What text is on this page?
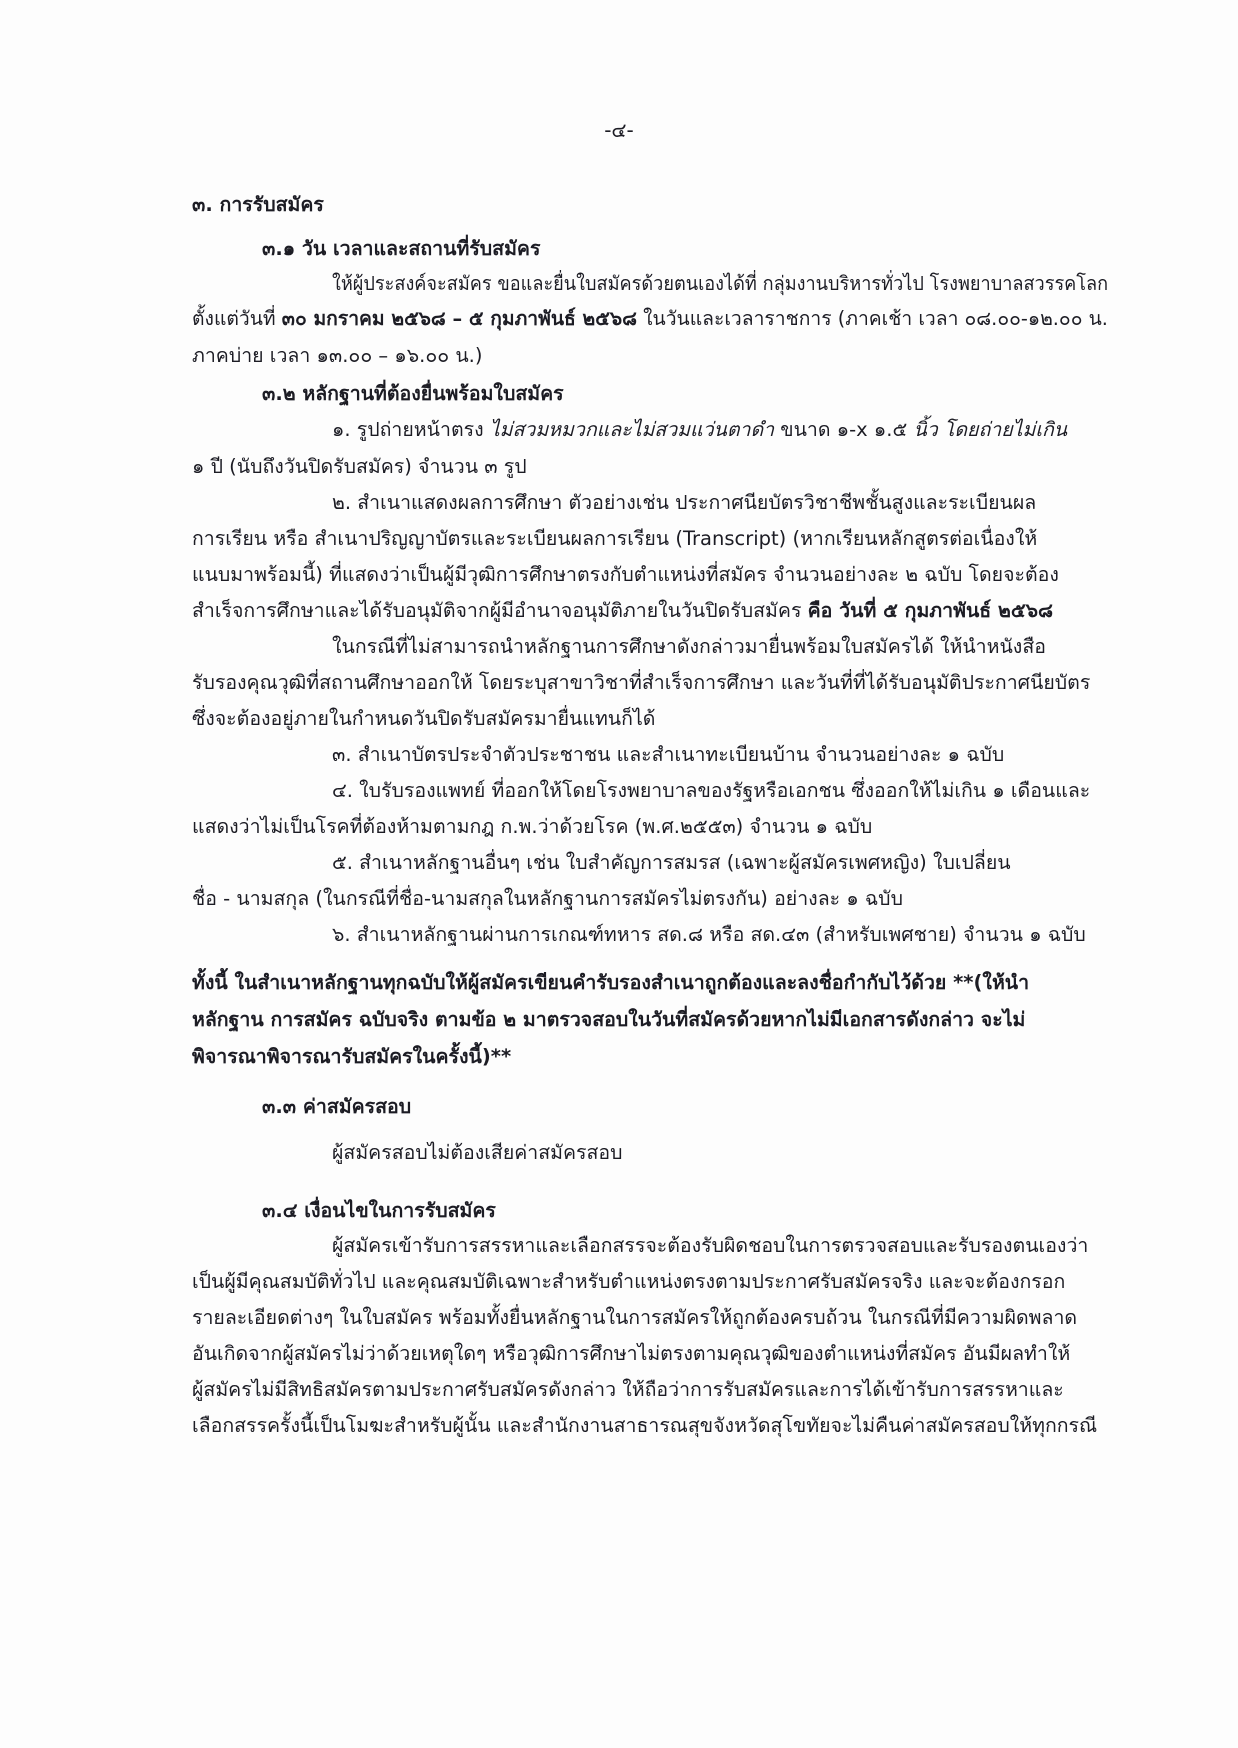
-๔-
๓. การรับสมัคร
๓.๑ วัน เวลาและสถานที่รับสมัคร
ให้ผู้ประสงค์จะสมัคร ขอและยื่นใบสมัครด้วยตนเองได้ที่ กลุ่มงานบริหารทั่วไป โรงพยาบาลสวรรคโลก
ตั้งแต่วันที่ ๓๐ มกราคม ๒๕๖๘ – ๕ กุมภาพันธ์ ๒๕๖๘ ในวันและเวลาราชการ (ภาคเช้า เวลา ๐๘.๐๐-๑๒.๐๐ น.
ภาคบ่าย เวลา ๑๓.๐๐ – ๑๖.๐๐ น.)
๓.๒ หลักฐานที่ต้องยื่นพร้อมใบสมัคร
๑. รูปถ่ายหน้าตรง ไม่สวมหมวกและไม่สวมแว่นตาดำ ขนาด ๑-x ๑.๕ นิ้ว โดยถ่ายไม่เกิน
๑ ปี (นับถึงวันปิดรับสมัคร) จำนวน ๓ รูป
๒. สำเนาแสดงผลการศึกษา ตัวอย่างเช่น ประกาศนียบัตรวิชาชีพชั้นสูงและระเบียนผล
การเรียน หรือ สำเนาปริญญาบัตรและระเบียนผลการเรียน (Transcript) (หากเรียนหลักสูตรต่อเนื่องให้
แนบมาพร้อมนี้) ที่แสดงว่าเป็นผู้มีวุฒิการศึกษาตรงกับตำแหน่งที่สมัคร จำนวนอย่างละ ๒ ฉบับ โดยจะต้อง
สำเร็จการศึกษาและได้รับอนุมัติจากผู้มีอำนาจอนุมัติภายในวันปิดรับสมัคร คือ วันที่ ๕ กุมภาพันธ์ ๒๕๖๘
ในกรณีที่ไม่สามารถนำหลักฐานการศึกษาดังกล่าวมายื่นพร้อมใบสมัครได้ ให้นำหนังสือ
รับรองคุณวุฒิที่สถานศึกษาออกให้ โดยระบุสาขาวิชาที่สำเร็จการศึกษา และวันที่ที่ได้รับอนุมัติประกาศนียบัตร
ซึ่งจะต้องอยู่ภายในกำหนดวันปิดรับสมัครมายื่นแทนก็ได้
๓. สำเนาบัตรประจำตัวประชาชน และสำเนาทะเบียนบ้าน จำนวนอย่างละ ๑ ฉบับ
๔. ใบรับรองแพทย์ ที่ออกให้โดยโรงพยาบาลของรัฐหรือเอกชน ซึ่งออกให้ไม่เกิน ๑ เดือนและ
แสดงว่าไม่เป็นโรคที่ต้องห้ามตามกฎ ก.พ.ว่าด้วยโรค (พ.ศ.๒๕๕๓) จำนวน ๑ ฉบับ
๕. สำเนาหลักฐานอื่นๆ เช่น ใบสำคัญการสมรส (เฉพาะผู้สมัครเพศหญิง) ใบเปลี่ยน
ชื่อ - นามสกุล (ในกรณีที่ชื่อ-นามสกุลในหลักฐานการสมัครไม่ตรงกัน) อย่างละ ๑ ฉบับ
๖. สำเนาหลักฐานผ่านการเกณฑ์ทหาร สด.๘ หรือ สด.๔๓ (สำหรับเพศชาย) จำนวน ๑ ฉบับ
ทั้งนี้ ในสำเนาหลักฐานทุกฉบับให้ผู้สมัครเขียนคำรับรองสำเนาถูกต้องและลงชื่อกำกับไว้ด้วย **(ให้นำ
หลักฐาน การสมัคร ฉบับจริง ตามข้อ ๒ มาตรวจสอบในวันที่สมัครด้วยหากไม่มีเอกสารดังกล่าว จะไม่
พิจารณาพิจารณารับสมัครในครั้งนี้)**
๓.๓ ค่าสมัครสอบ
ผู้สมัครสอบไม่ต้องเสียค่าสมัครสอบ
๓.๔ เงื่อนไขในการรับสมัคร
ผู้สมัครเข้ารับการสรรหาและเลือกสรรจะต้องรับผิดชอบในการตรวจสอบและรับรองตนเองว่า
เป็นผู้มีคุณสมบัติทั่วไป และคุณสมบัติเฉพาะสำหรับตำแหน่งตรงตามประกาศรับสมัครจริง และจะต้องกรอก
รายละเอียดต่างๆ ในใบสมัคร พร้อมทั้งยื่นหลักฐานในการสมัครให้ถูกต้องครบถ้วน ในกรณีที่มีความผิดพลาด
อันเกิดจากผู้สมัครไม่ว่าด้วยเหตุใดๆ หรือวุฒิการศึกษาไม่ตรงตามคุณวุฒิของตำแหน่งที่สมัคร อันมีผลทำให้
ผู้สมัครไม่มีสิทธิสมัครตามประกาศรับสมัครดังกล่าว ให้ถือว่าการรับสมัครและการได้เข้ารับการสรรหาและ
เลือกสรรครั้งนี้เป็นโมฆะสำหรับผู้นั้น และสำนักงานสาธารณสุขจังหวัดสุโขทัยจะไม่คืนค่าสมัครสอบให้ทุกกรณี
